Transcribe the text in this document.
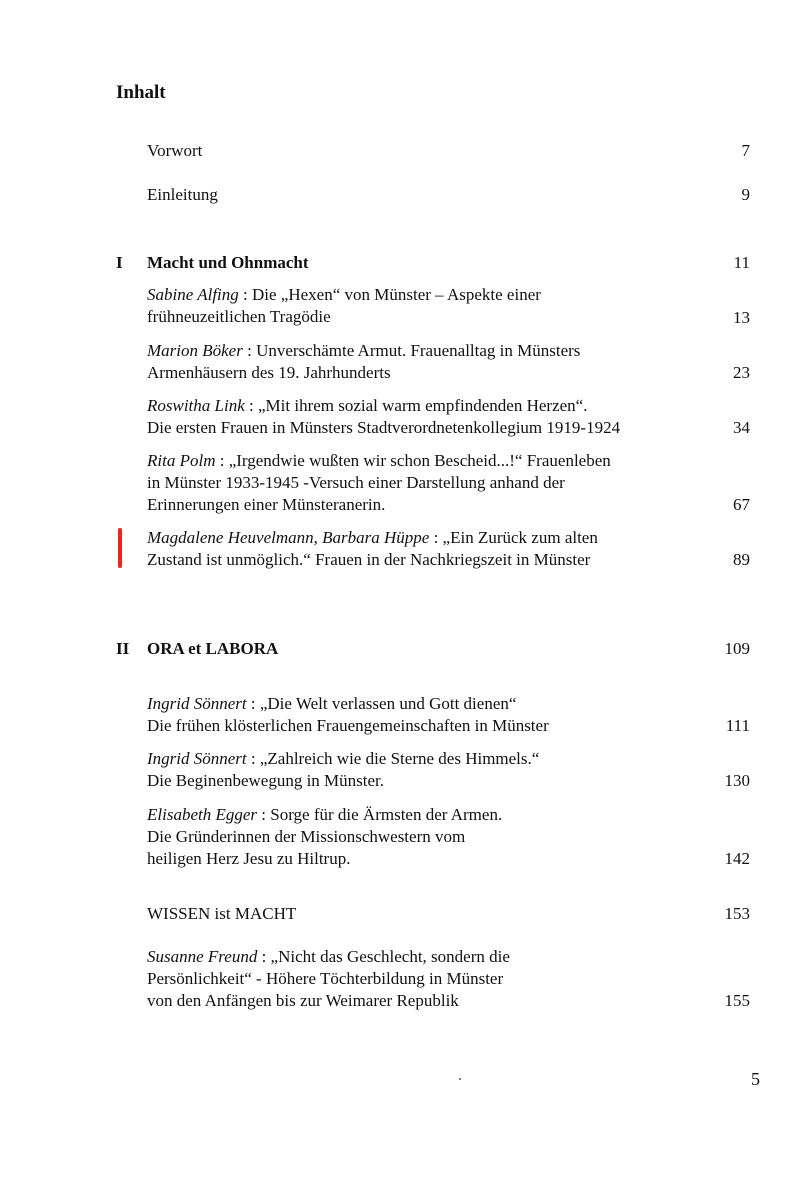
Inhalt
Vorwort	7
Einleitung	9
I Macht und Ohnmacht	11
Sabine Alfing : Die „Hexen“ von Münster – Aspekte einer
frühneuzeitlichen Tragödie	13
Marion Böker : Unverschämte Armut. Frauenalltag in Münsters
Armenhäusern des 19. Jahrhunderts	23
Roswitha Link : „Mit ihrem sozial warm empfindenden Herzen“.
Die ersten Frauen in Münsters Stadtverordnetenkollegium 1919-1924	34
Rita Polm : „Irgendwie wußten wir schon Bescheid...!“ Frauenleben
in Münster 1933-1945 -Versuch einer Darstellung anhand der
Erinnerungen einer Münsteranerin.	67
Magdalene Heuvelmann, Barbara Hüppe : „Ein Zurück zum alten
Zustand ist unmöglich.“ Frauen in der Nachkriegszeit in Münster	89
II ORA et LABORA	109
Ingrid Sönnert : „Die Welt verlassen und Gott dienen“
Die frühen klösterlichen Frauengemeinschaften in Münster	111
Ingrid Sönnert : „Zahlreich wie die Sterne des Himmels.“
Die Beginenbewegung in Münster.	130
Elisabeth Egger : Sorge für die Ärmsten der Armen.
Die Gründerinnen der Missionschwestern vom
heiligen Herz Jesu zu Hiltrup.	142
WISSEN ist MACHT	153
Susanne Freund : „Nicht das Geschlecht, sondern die
Persönlichkeit“ - Höhere Töchterbildung in Münster
von den Anfängen bis zur Weimarer Republik	155
5
